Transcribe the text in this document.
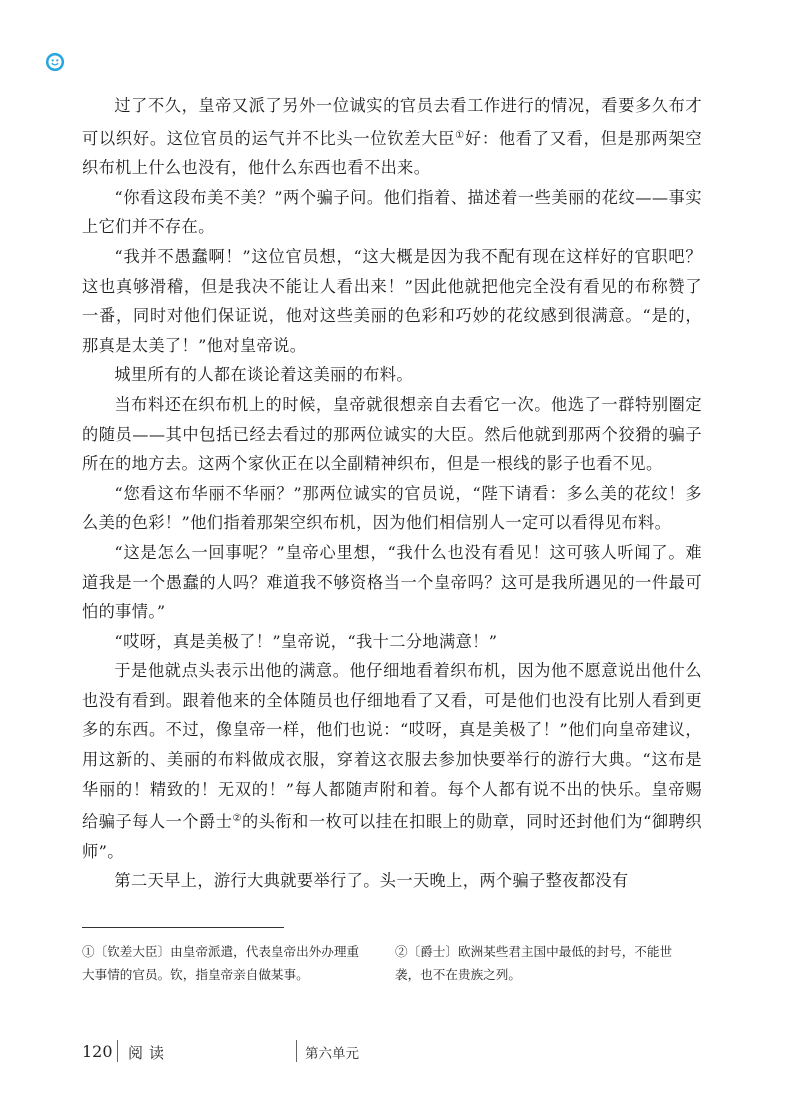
过了不久，皇帝又派了另外一位诚实的官员去看工作进行的情况，看要多久布才可以织好。这位官员的运气并不比头一位钦差大臣①好：他看了又看，但是那两架空织布机上什么也没有，他什么东西也看不出来。

“你看这段布美不美？”两个骗子问。他们指着、描述着一些美丽的花纹——事实上它们并不存在。

“我并不愚蠢啊！”这位官员想，“这大概是因为我不配有现在这样好的官职吧？这也真够滑稽，但是我决不能让人看出来！”因此他就把他完全没有看见的布称赞了一番，同时对他们保证说，他对这些美丽的色彩和巧妙的花纹感到很满意。“是的，那真是太美了！”他对皇帝说。

城里所有的人都在谈论着这美丽的布料。

当布料还在织布机上的时候，皇帝就很想亲自去看它一次。他选了一群特别圈定的随员——其中包括已经去看过的那两位诚实的大臣。然后他就到那两个狡猾的骗子所在的地方去。这两个家伙正在以全副精神织布，但是一根线的影子也看不见。

“您看这布华丽不华丽？”那两位诚实的官员说，“陛下请看：多么美的花纹！多么美的色彩！”他们指着那架空织布机，因为他们相信别人一定可以看得见布料。

“这是怎么一回事呢？”皇帝心里想，“我什么也没有看见！这可骇人听闻了。难道我是一个愚蠢的人吗？难道我不够资格当一个皇帝吗？这可是我所遇见的一件最可怕的事情。”

“哎呀，真是美极了！”皇帝说，“我十二分地满意！”

于是他就点头表示出他的满意。他仔细地看着织布机，因为他不愿意说出他什么也没有看到。跟着他来的全体随员也仔细地看了又看，可是他们也没有比别人看到更多的东西。不过，像皇帝一样，他们也说：“哎呀，真是美极了！”他们向皇帝建议，用这新的、美丽的布料做成衣服，穿着这衣服去参加快要举行的游行大典。“这布是华丽的！精致的！无双的！”每人都随声附和着。每个人都有说不出的快乐。皇帝赐给骗子每人一个爵士②的头衔和一枚可以挂在扣眼上的勋章，同时还封他们为“御聘织师”。

第二天早上，游行大典就要举行了。头一天晚上，两个骗子整夜都没有

①〔钦差大臣〕由皇帝派遣，代表皇帝出外办理重大事情的官员。钦，指皇帝亲自做某事。
②〔爵士〕欧洲某些君主国中最低的封号，不能世袭，也不在贵族之列。
120 阅读	第六单元
